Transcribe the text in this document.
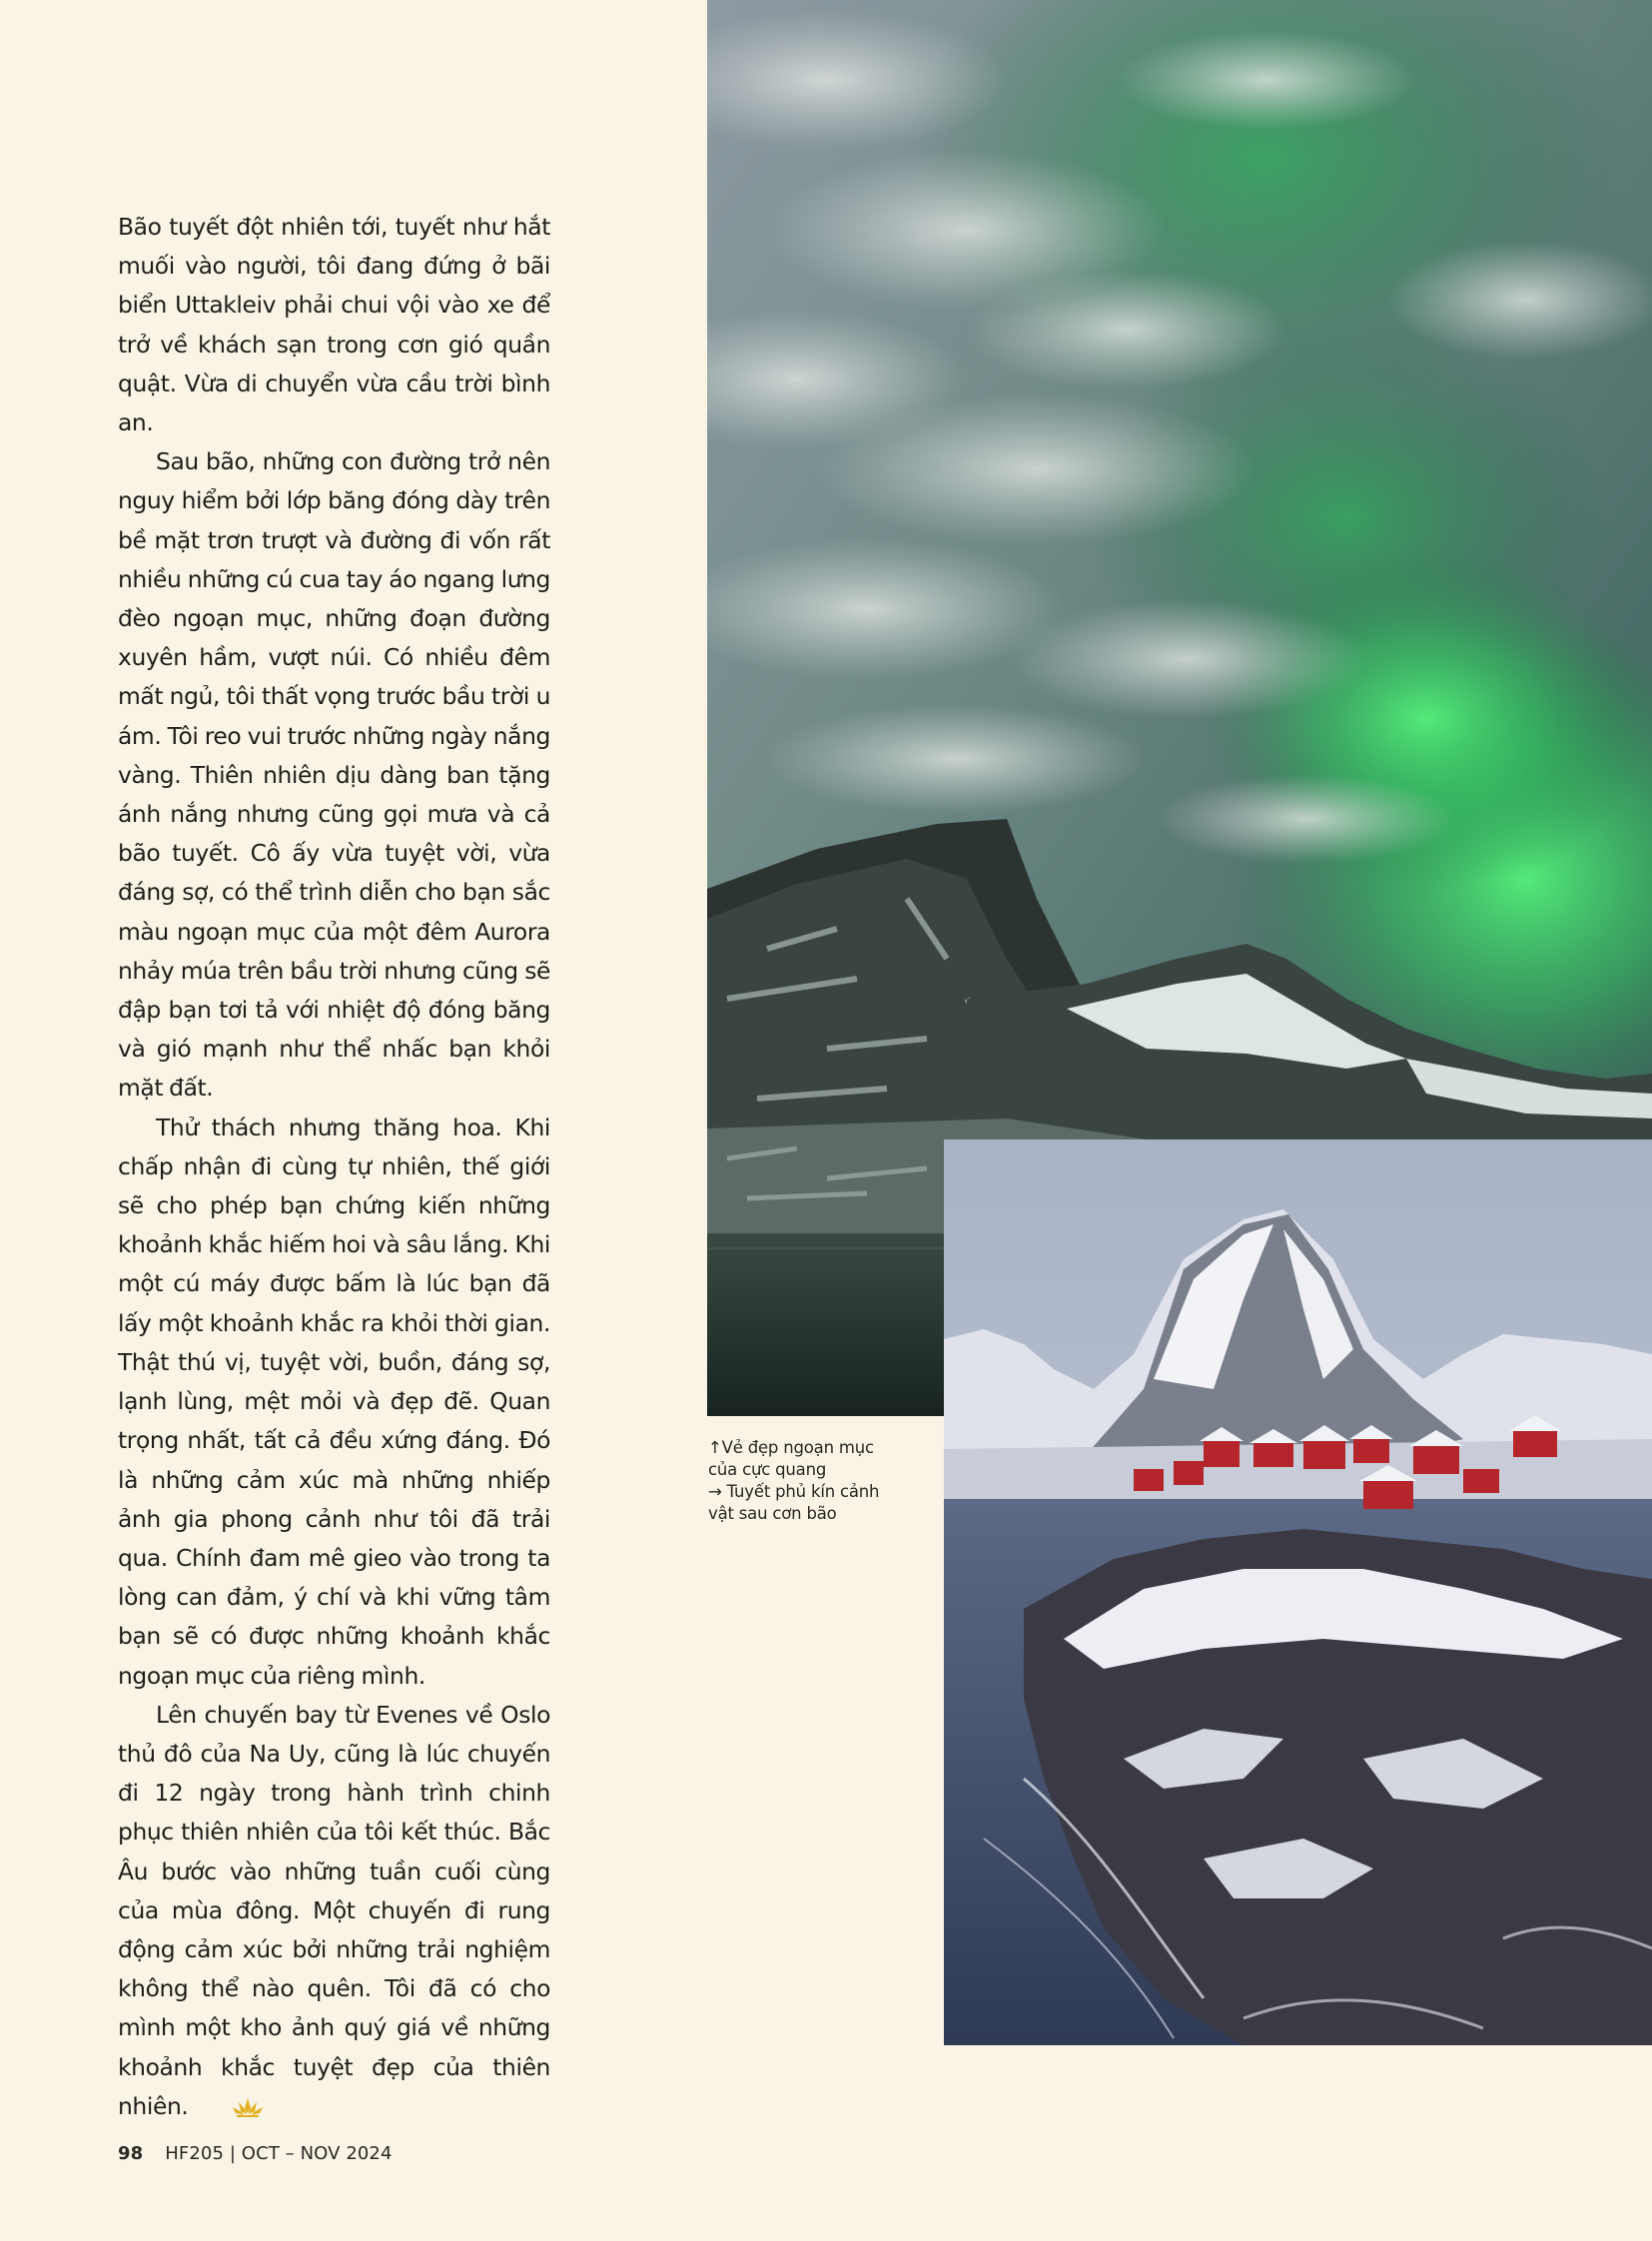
Bão tuyết đột nhiên tới, tuyết như hắt muối vào người, tôi đang đứng ở bãi biển Uttakleiv phải chui vội vào xe để trở về khách sạn trong cơn gió quần quật. Vừa di chuyển vừa cầu trời bình an.

Sau bão, những con đường trở nên nguy hiểm bởi lớp băng đóng dày trên bề mặt trơn trượt và đường đi vốn rất nhiều những cú cua tay áo ngang lưng đèo ngoạn mục, những đoạn đường xuyên hầm, vượt núi. Có nhiều đêm mất ngủ, tôi thất vọng trước bầu trời u ám. Tôi reo vui trước những ngày nắng vàng. Thiên nhiên dịu dàng ban tặng ánh nắng nhưng cũng gọi mưa và cả bão tuyết. Cô ấy vừa tuyệt vời, vừa đáng sợ, có thể trình diễn cho bạn sắc màu ngoạn mục của một đêm Aurora nhảy múa trên bầu trời nhưng cũng sẽ đập bạn tơi tả với nhiệt độ đóng băng và gió mạnh như thể nhấc bạn khỏi mặt đất.

Thử thách nhưng thăng hoa. Khi chấp nhận đi cùng tự nhiên, thế giới sẽ cho phép bạn chứng kiến những khoảnh khắc hiếm hoi và sâu lắng. Khi một cú máy được bấm là lúc bạn đã lấy một khoảnh khắc ra khỏi thời gian. Thật thú vị, tuyệt vời, buồn, đáng sợ, lạnh lùng, mệt mỏi và đẹp đẽ. Quan trọng nhất, tất cả đều xứng đáng. Đó là những cảm xúc mà những nhiếp ảnh gia phong cảnh như tôi đã trải qua. Chính đam mê gieo vào trong ta lòng can đảm, ý chí và khi vững tâm bạn sẽ có được những khoảnh khắc ngoạn mục của riêng mình.

Lên chuyến bay từ Evenes về Oslo thủ đô của Na Uy, cũng là lúc chuyến đi 12 ngày trong hành trình chinh phục thiên nhiên của tôi kết thúc. Bắc Âu bước vào những tuần cuối cùng của mùa đông. Một chuyến đi rung động cảm xúc bởi những trải nghiệm không thể nào quên. Tôi đã có cho mình một kho ảnh quý giá về những khoảnh khắc tuyệt đẹp của thiên nhiên.

↑Vẻ đẹp ngoạn mục
của cực quang
→ Tuyết phủ kín cảnh
vật sau cơn bão
98 HF205 | OCT – NOV 2024
